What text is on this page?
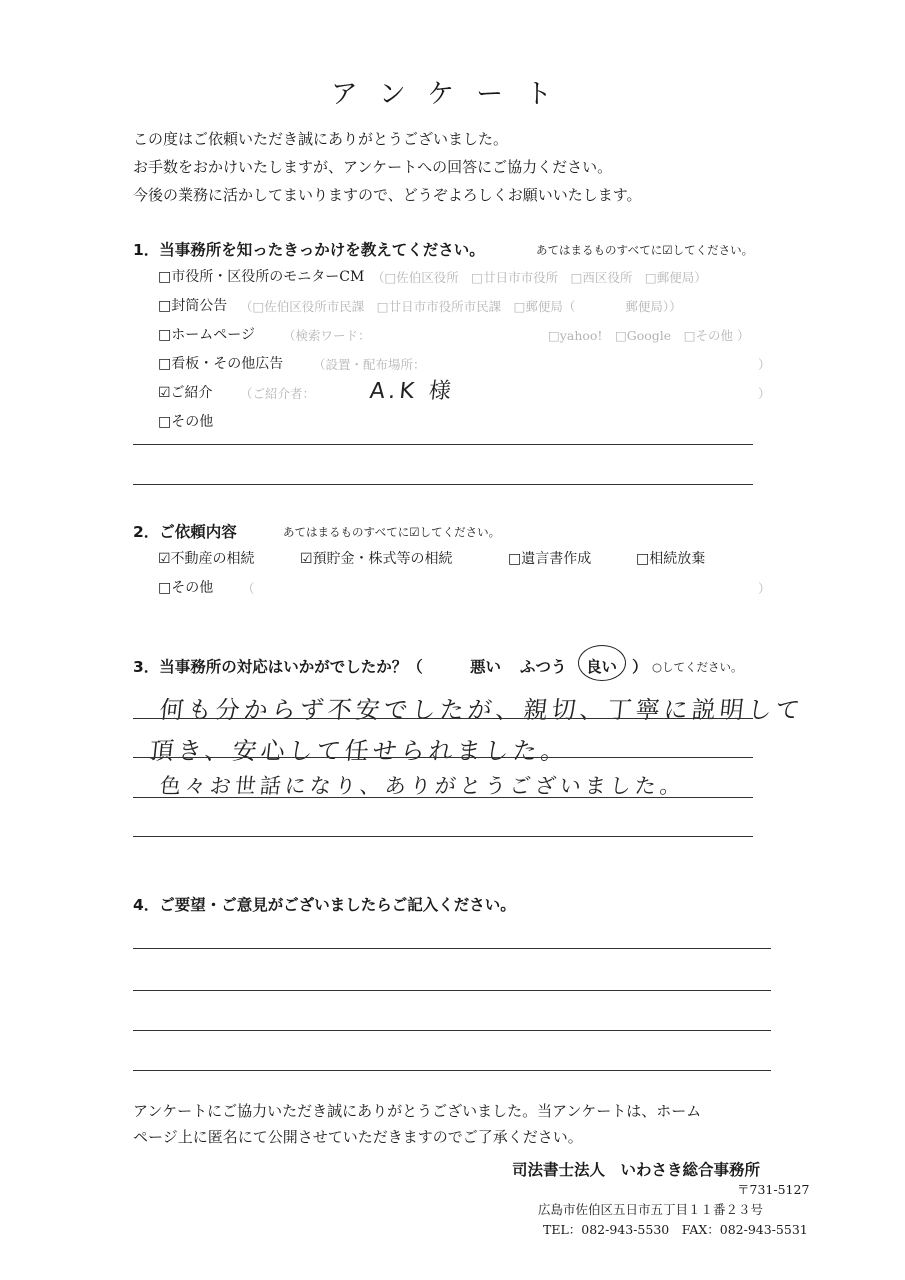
アンケート
この度はご依頼いただき誠にありがとうございました。
お手数をおかけいたしますが、アンケートへの回答にご協力ください。
今後の業務に活かしてまいりますので、どうぞよろしくお願いいたします。
1．当事務所を知ったきっかけを教えてください。	あてはまるものすべてに☑してください。
□市役所・区役所のモニターCM （□佐伯区役所　□廿日市市役所　□西区役所　□郵便局）
□封筒公告 （□佐伯区役所市民課　□廿日市市役所市民課　□郵便局（　　　　郵便局））
□ホームページ （検索ワード：	□yahoo!　□Google　□その他 ）
□看板・その他広告 （設置・配布場所：	）
☑ご紹介 （ご紹介者： A.K 様	）
□その他
2．ご依頼内容	あてはまるものすべてに☑してください。
☑不動産の相続	☑預貯金・株式等の相続	□遺言書作成	□相続放棄
□その他 （	）
3．当事務所の対応はいかがでしたか？（	悪い ふつう 良い ） ○してください。
何も分からず不安でしたが、親切、丁寧に説明して
頂き、安心して任せられました。
色々お世話になり、ありがとうございました。
4．ご要望・ご意見がございましたらご記入ください。
アンケートにご協力いただき誠にありがとうございました。当アンケートは、ホーム
ページ上に匿名にて公開させていただきますのでご了承ください。
司法書士法人　いわさき総合事務所
〒731-5127
広島市佐伯区五日市五丁目１１番２３号
TEL：082-943-5530　FAX：082-943-5531
